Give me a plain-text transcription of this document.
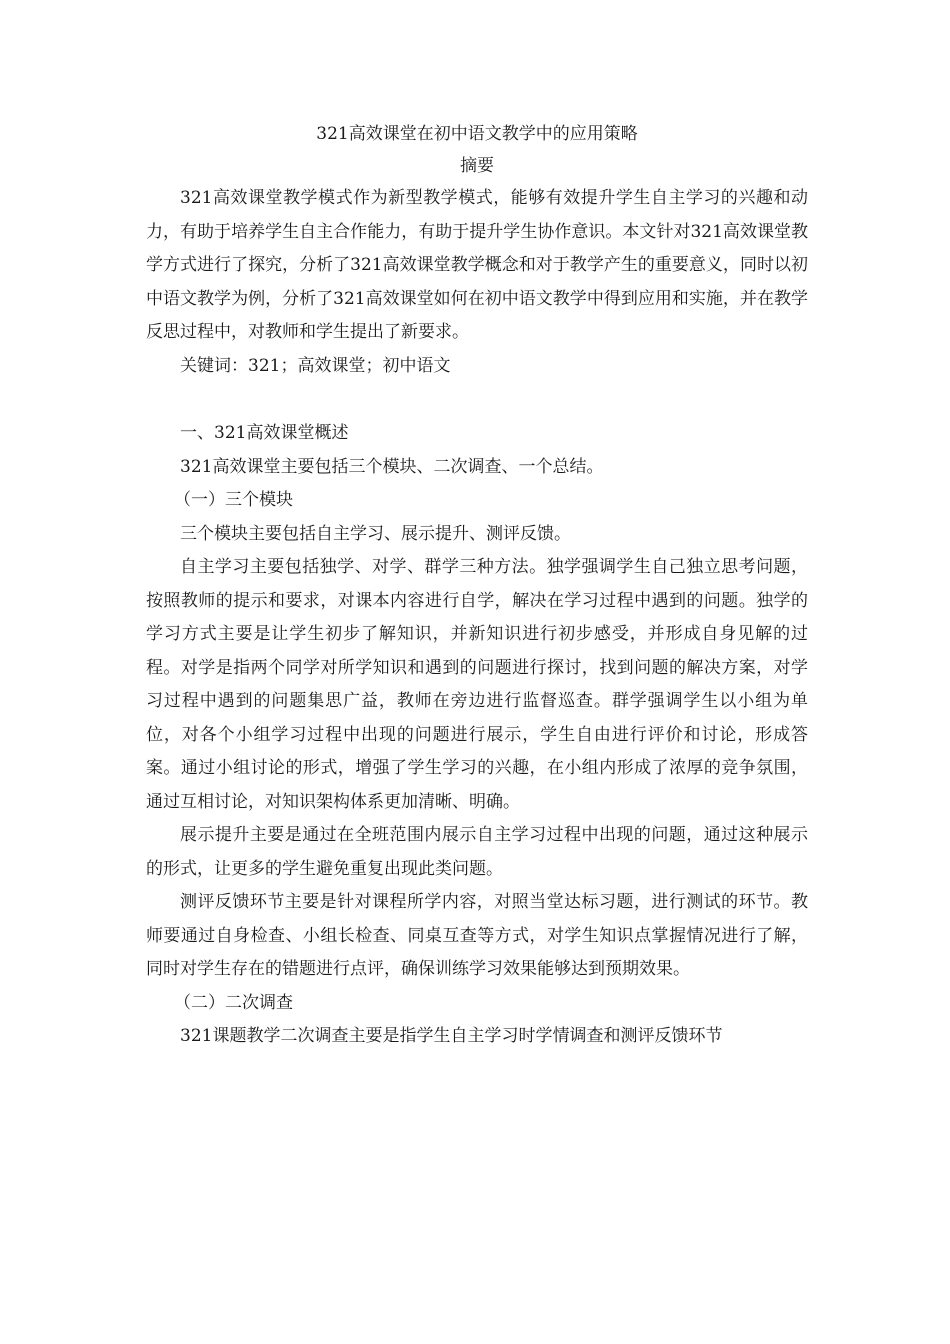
321高效课堂在初中语文教学中的应用策略
摘要

321高效课堂教学模式作为新型教学模式，能够有效提升学生自主学习的兴趣和动力，有助于培养学生自主合作能力，有助于提升学生协作意识。本文针对321高效课堂教学方式进行了探究，分析了321高效课堂教学概念和对于教学产生的重要意义，同时以初中语文教学为例，分析了321高效课堂如何在初中语文教学中得到应用和实施，并在教学反思过程中，对教师和学生提出了新要求。

关键词：321；高效课堂；初中语文

一、321高效课堂概述

321高效课堂主要包括三个模块、二次调查、一个总结。

（一）三个模块

三个模块主要包括自主学习、展示提升、测评反馈。

自主学习主要包括独学、对学、群学三种方法。独学强调学生自己独立思考问题，按照教师的提示和要求，对课本内容进行自学，解决在学习过程中遇到的问题。独学的学习方式主要是让学生初步了解知识，并新知识进行初步感受，并形成自身见解的过程。对学是指两个同学对所学知识和遇到的问题进行探讨，找到问题的解决方案，对学习过程中遇到的问题集思广益，教师在旁边进行监督巡查。群学强调学生以小组为单位，对各个小组学习过程中出现的问题进行展示，学生自由进行评价和讨论，形成答案。通过小组讨论的形式，增强了学生学习的兴趣，在小组内形成了浓厚的竞争氛围，通过互相讨论，对知识架构体系更加清晰、明确。

展示提升主要是通过在全班范围内展示自主学习过程中出现的问题，通过这种展示的形式，让更多的学生避免重复出现此类问题。

测评反馈环节主要是针对课程所学内容，对照当堂达标习题，进行测试的环节。教师要通过自身检查、小组长检查、同桌互查等方式，对学生知识点掌握情况进行了解，同时对学生存在的错题进行点评，确保训练学习效果能够达到预期效果。

（二）二次调查

321课题教学二次调查主要是指学生自主学习时学情调查和测评反馈环节
